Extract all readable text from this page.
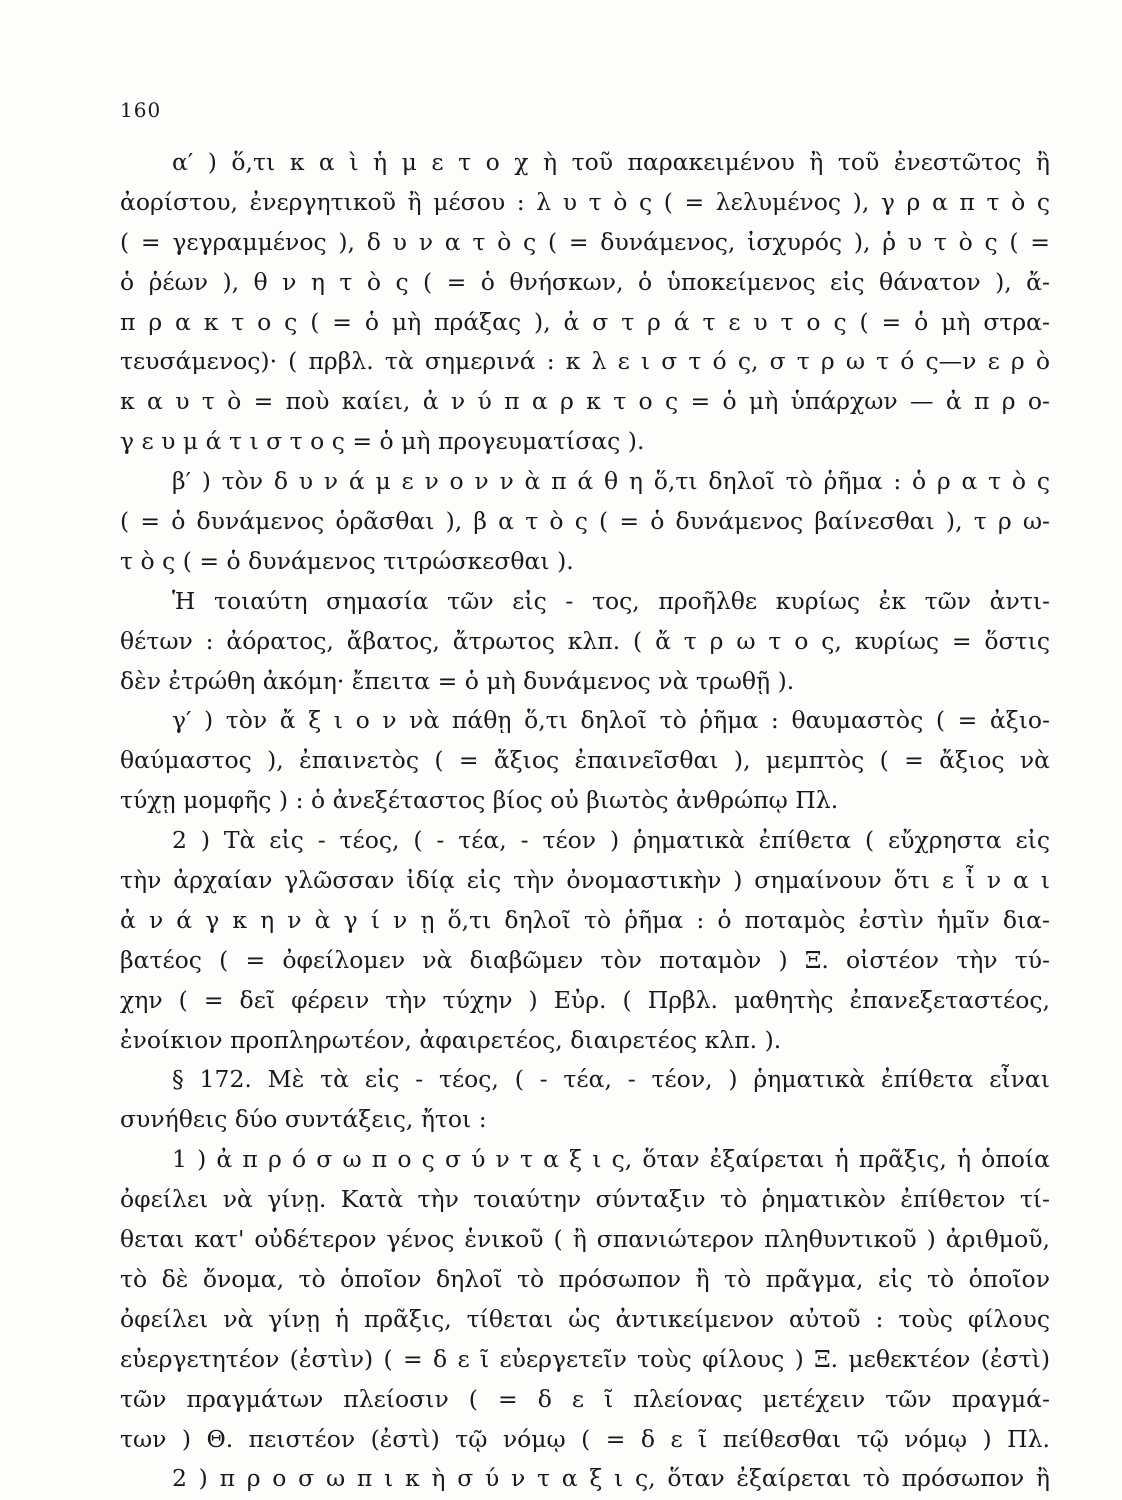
160
α′ ) ὅ,τι κ α ὶ ἡ μ ε τ ο χ ὴ τοῦ παρακειμένου ἢ τοῦ ἐνεστῶτος ἢ
ἀορίστου, ἐνεργητικοῦ ἢ μέσου : λ υ τ ὸ ς ( = λελυμένος ), γ ρ α π τ ὸ ς
( = γεγραμμένος ), δ υ ν α τ ὸ ς ( = δυνάμενος, ἰσχυρός ), ῥ υ τ ὸ ς ( =
ὁ ῥέων ), θ ν η τ ὸ ς ( = ὁ θνήσκων, ὁ ὑποκείμενος εἰς θάνατον ), ἄ-
π ρ α κ τ ο ς ( = ὁ μὴ πράξας ), ἀ σ τ ρ ά τ ε υ τ ο ς ( = ὁ μὴ στρα-
τευσάμενος)· ( πρβλ. τὰ σημερινά : κ λ ε ι σ τ ό ς, σ τ ρ ω τ ό ς—ν ε ρ ὸ
κ α υ τ ὸ = ποὺ καίει, ἀ ν ύ π α ρ κ τ ο ς = ὁ μὴ ὑπάρχων — ἀ π ρ ο-
γ ε υ μ ά τ ι σ τ ο ς = ὁ μὴ προγευματίσας ).
β′ ) τὸν δ υ ν ά μ ε ν ο ν ν ὰ π ά θ η ὅ,τι δηλοῖ τὸ ῥῆμα : ὁ ρ α τ ὸ ς
( = ὁ δυνάμενος ὁρᾶσθαι ), β α τ ὸ ς ( = ὁ δυνάμενος βαίνεσθαι ), τ ρ ω-
τ ὸ ς ( = ὁ δυνάμενος τιτρώσκεσθαι ).
Ἡ τοιαύτη σημασία τῶν εἰς - τος, προῆλθε κυρίως ἐκ τῶν ἀντι-
θέτων : ἀόρατος, ἄβατος, ἄτρωτος κλπ. ( ἄ τ ρ ω τ ο ς, κυρίως = ὅστις
δὲν ἐτρώθη ἀκόμη· ἔπειτα = ὁ μὴ δυνάμενος νὰ τρωθῇ ).
γ′ ) τὸν ἄ ξ ι ο ν νὰ πάθῃ ὅ,τι δηλοῖ τὸ ῥῆμα : θαυμαστὸς ( = ἀξιο-
θαύμαστος ), ἐπαινετὸς ( = ἄξιος ἐπαινεῖσθαι ), μεμπτὸς ( = ἄξιος νὰ
τύχῃ μομφῆς ) : ὁ ἀνεξέταστος βίος οὐ βιωτὸς ἀνθρώπῳ Πλ.
2 ) Τὰ εἰς - τέος, ( - τέα, - τέον ) ῥηματικὰ ἐπίθετα ( εὔχρηστα εἰς
τὴν ἀρχαίαν γλῶσσαν ἰδίᾳ εἰς τὴν ὀνομαστικὴν ) σημαίνουν ὅτι ε ἶ ν α ι
ἀ ν ά γ κ η ν ὰ γ ί ν ῃ ὅ,τι δηλοῖ τὸ ῥῆμα : ὁ ποταμὸς ἐστὶν ἡμῖν δια-
βατέος ( = ὀφείλομεν νὰ διαβῶμεν τὸν ποταμὸν ) Ξ. οἰστέον τὴν τύ-
χην ( = δεῖ φέρειν τὴν τύχην ) Εὐρ. ( Πρβλ. μαθητὴς ἐπανεξεταστέος,
ἐνοίκιον προπληρωτέον, ἀφαιρετέος, διαιρετέος κλπ. ).
§ 172. Μὲ τὰ εἰς - τέος, ( - τέα, - τέον, ) ῥηματικὰ ἐπίθετα εἶναι
συνήθεις δύο συντάξεις, ἤτοι :
1 ) ἀ π ρ ό σ ω π ο ς σ ύ ν τ α ξ ι ς, ὅταν ἐξαίρεται ἡ πρᾶξις, ἡ ὁποία
ὀφείλει νὰ γίνῃ. Κατὰ τὴν τοιαύτην σύνταξιν τὸ ῥηματικὸν ἐπίθετον τί-
θεται κατ' οὐδέτερον γένος ἑνικοῦ ( ἢ σπανιώτερον πληθυντικοῦ ) ἀριθμοῦ,
τὸ δὲ ὄνομα, τὸ ὁποῖον δηλοῖ τὸ πρόσωπον ἢ τὸ πρᾶγμα, εἰς τὸ ὁποῖον
ὀφείλει νὰ γίνῃ ἡ πρᾶξις, τίθεται ὡς ἀντικείμενον αὐτοῦ : τοὺς φίλους
εὐεργετητέον (ἐστὶν) ( = δ ε ῖ εὐεργετεῖν τοὺς φίλους ) Ξ. μεθεκτέον (ἐστὶ)
τῶν πραγμάτων πλείοσιν ( = δ ε ῖ πλείονας μετέχειν τῶν πραγμά-
των ) Θ. πειστέον (ἐστὶ) τῷ νόμῳ ( = δ ε ῖ πείθεσθαι τῷ νόμῳ ) Πλ.
2 ) π ρ ο σ ω π ι κ ὴ σ ύ ν τ α ξ ι ς, ὅταν ἐξαίρεται τὸ πρόσωπον ἢ
